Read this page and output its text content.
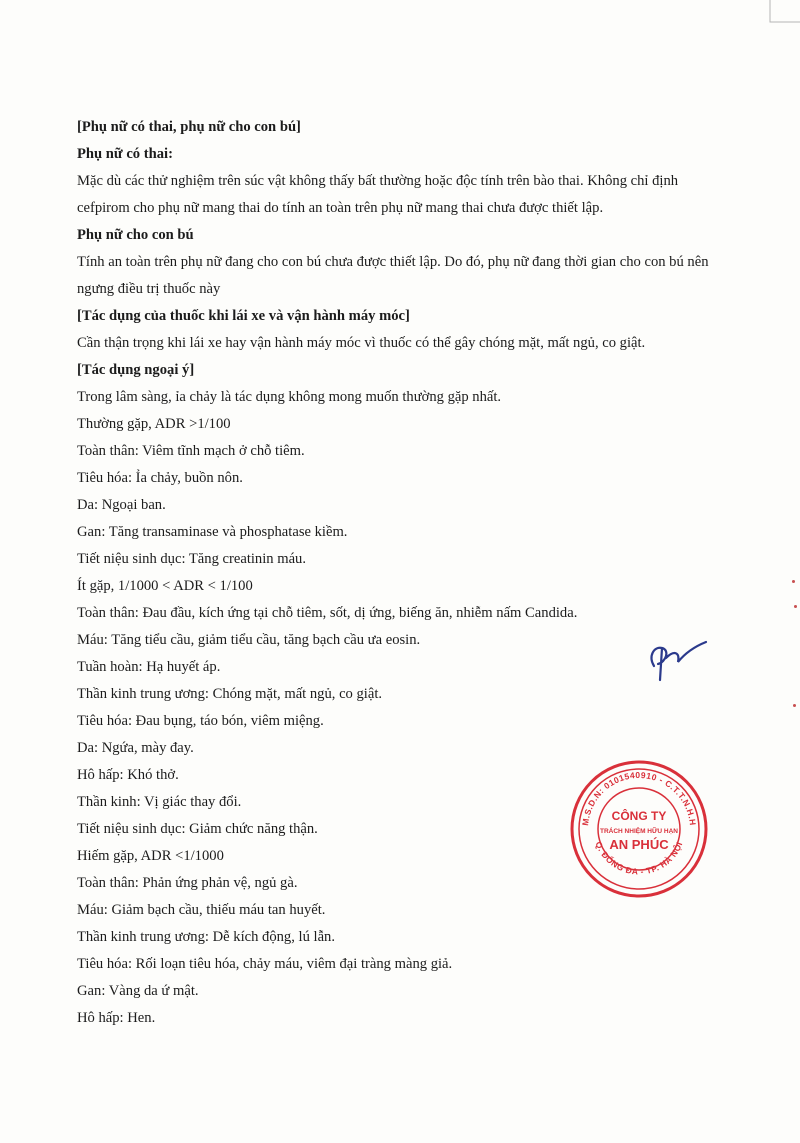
[Phụ nữ có thai, phụ nữ cho con bú]
Phụ nữ có thai:
Mặc dù các thử nghiệm trên súc vật không thấy bất thường hoặc độc tính trên bào thai. Không chỉ định
cefpirom cho phụ nữ mang thai do tính an toàn trên phụ nữ mang thai chưa được thiết lập.
Phụ nữ cho con bú
Tính an toàn trên phụ nữ đang cho con bú chưa được thiết lập. Do đó, phụ nữ đang thời gian cho con bú nên
ngưng điều trị thuốc này
[Tác dụng của thuốc khi lái xe và vận hành máy móc]
Cần thận trọng khi lái xe hay vận hành máy móc vì thuốc có thể gây chóng mặt, mất ngủ, co giật.
[Tác dụng ngoại ý]
Trong lâm sàng, ỉa chảy là tác dụng không mong muốn thường gặp nhất.
Thường gặp, ADR >1/100
Toàn thân: Viêm tĩnh mạch ở chỗ tiêm.
Tiêu hóa: Ỉa chảy, buồn nôn.
Da: Ngoại ban.
Gan: Tăng transaminase và phosphatase kiềm.
Tiết niệu sinh dục: Tăng creatinin máu.
Ít gặp, 1/1000 < ADR < 1/100
Toàn thân: Đau đầu, kích ứng tại chỗ tiêm, sốt, dị ứng, biếng ăn, nhiễm nấm Candida.
Máu: Tăng tiểu cầu, giảm tiểu cầu, tăng bạch cầu ưa eosin.
Tuần hoàn: Hạ huyết áp.
Thần kinh trung ương: Chóng mặt, mất ngủ, co giật.
Tiêu hóa: Đau bụng, táo bón, viêm miệng.
Da: Ngứa, mày đay.
Hô hấp: Khó thở.
Thần kinh: Vị giác thay đổi.
Tiết niệu sinh dục: Giảm chức năng thận.
Hiếm gặp, ADR <1/1000
Toàn thân: Phản ứng phản vệ, ngủ gà.
Máu: Giảm bạch cầu, thiếu máu tan huyết.
Thần kinh trung ương: Dễ kích động, lú lẫn.
Tiêu hóa: Rối loạn tiêu hóa, chảy máu, viêm đại tràng màng giả.
Gan: Vàng da ứ mật.
Hô hấp: Hen.
M.S.D.N: 0101540910 - C.T.T.N.H.H
Q. ĐỐNG ĐA - TP. HÀ NỘI
CÔNG TY
TRÁCH NHIỆM HỮU HẠN
AN PHÚC
